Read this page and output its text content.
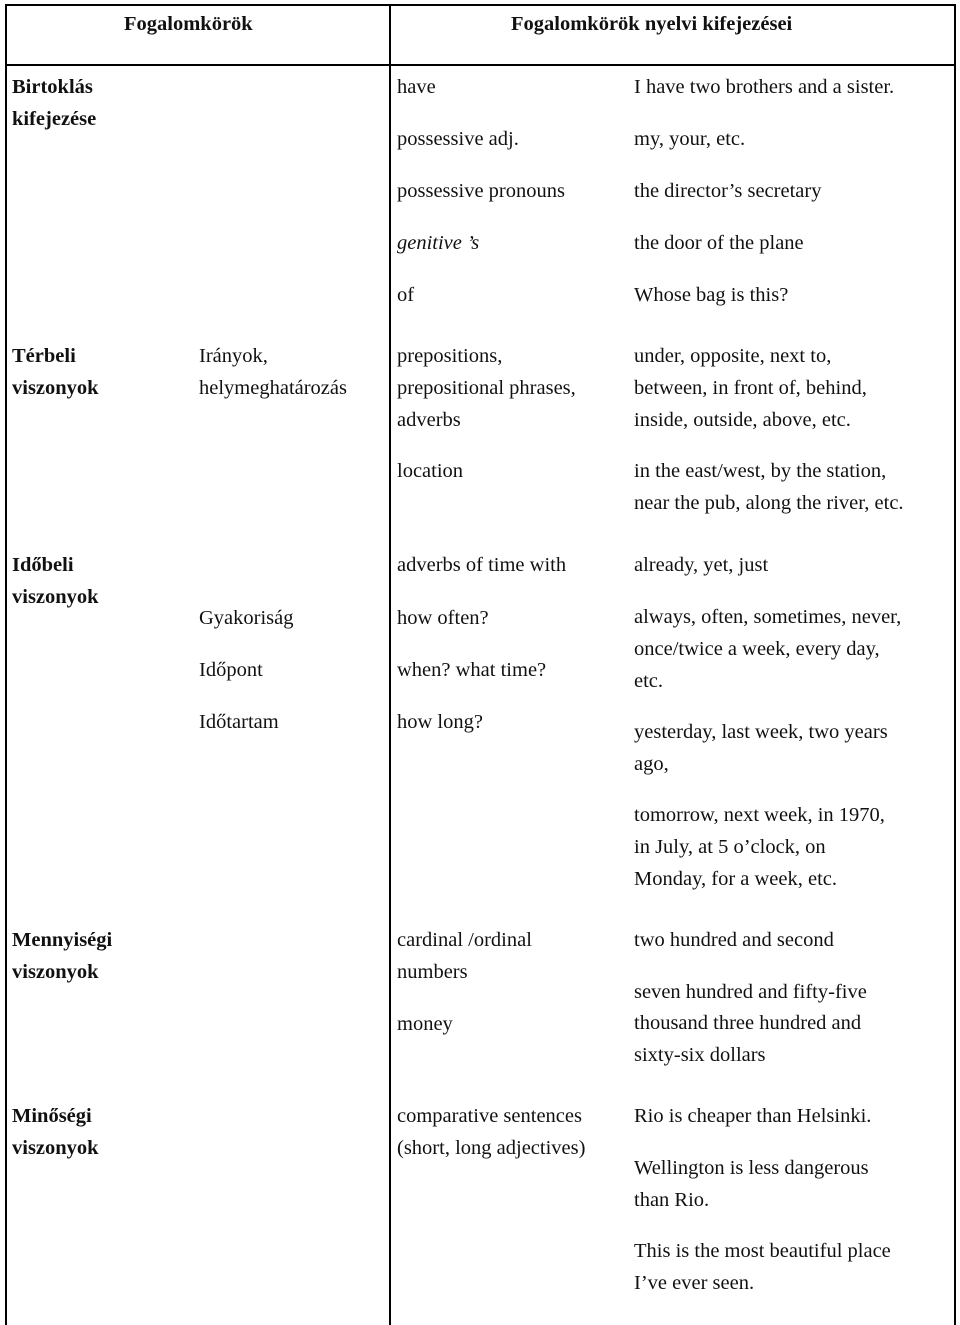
Fogalomkörök	Fogalomkörök nyelvi kifejezései
Birtoklás
kifejezése
have
possessive adj.
possessive pronouns
genitive ’s
of
I have two brothers and a sister.
my, your, etc.
the director’s secretary
the door of the plane
Whose bag is this?
Térbeli
viszonyok
Irányok,
helymeghatározás
prepositions,
prepositional phrases,
adverbs
under, opposite, next to,
between, in front of, behind,
inside, outside, above, etc.
location	in the east/west, by the station,
near the pub, along the river, etc.
Időbeli
viszonyok
Gyakoriság
Időpont
Időtartam
adverbs of time with
how often?
when? what time?
how long?
already, yet, just
always, often, sometimes, never,
once/twice a week, every day,
etc.
yesterday, last week, two years
ago,
tomorrow, next week, in 1970,
in July, at 5 o’clock, on
Monday, for a week, etc.
Mennyiségi
viszonyok
cardinal /ordinal
numbers
money
two hundred and second
seven hundred and fifty-five
thousand three hundred and
sixty-six dollars
Minőségi
viszonyok
comparative sentences
(short, long adjectives)
Rio is cheaper than Helsinki.
Wellington is less dangerous
than Rio.
This is the most beautiful place
I’ve ever seen.
